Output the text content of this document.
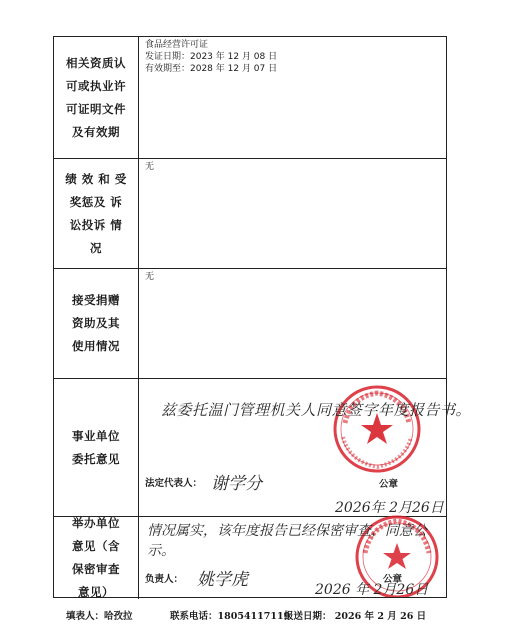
相关资质认可或执业许可证明文件及有效期
食品经营许可证
发证日期：2023 年 12 月 08 日
有效期至：2028 年 12 月 07 日
绩 效 和 受奖惩及 诉讼投诉 情 况
无
接受捐赠 资助及其 使用情况
无
事业单位 委托意见
兹委托温门管理机关人同意签字年度报告书。
法定代表人： 谢学分	公章
2026年 2月26日
举办单位 意见（含 保密审查 意见）
情况属实，该年度报告已经保密审查，同意公示。
负责人： 姚学虎	公章
2026 年 2月26日
填表人：哈孜拉	联系电话：18054117119
报送日期： 2026 年 2 月 26 日
